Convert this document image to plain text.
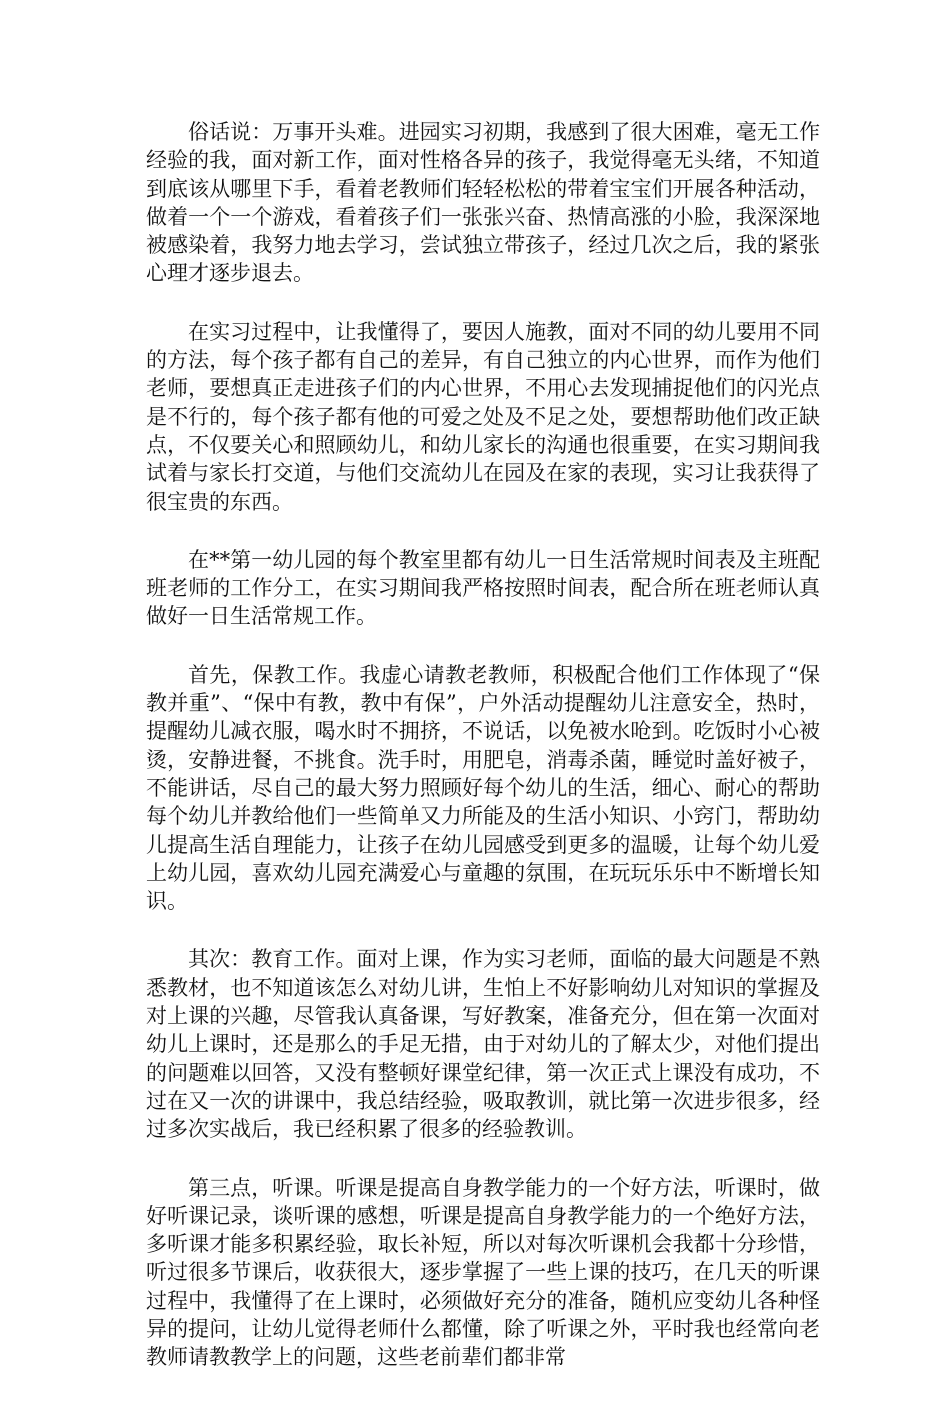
俗话说：万事开头难。进园实习初期，我感到了很大困难，毫无工作经验的我，面对新工作，面对性格各异的孩子，我觉得毫无头绪，不知道到底该从哪里下手，看着老教师们轻轻松松的带着宝宝们开展各种活动，做着一个一个游戏，看着孩子们一张张兴奋、热情高涨的小脸，我深深地被感染着，我努力地去学习，尝试独立带孩子，经过几次之后，我的紧张心理才逐步退去。

在实习过程中，让我懂得了，要因人施教，面对不同的幼儿要用不同的方法，每个孩子都有自己的差异，有自己独立的内心世界，而作为他们老师，要想真正走进孩子们的内心世界，不用心去发现捕捉他们的闪光点是不行的，每个孩子都有他的可爱之处及不足之处，要想帮助他们改正缺点，不仅要关心和照顾幼儿，和幼儿家长的沟通也很重要，在实习期间我试着与家长打交道，与他们交流幼儿在园及在家的表现，实习让我获得了很宝贵的东西。

在**第一幼儿园的每个教室里都有幼儿一日生活常规时间表及主班配班老师的工作分工，在实习期间我严格按照时间表，配合所在班老师认真做好一日生活常规工作。

首先，保教工作。我虚心请教老教师，积极配合他们工作体现了“保教并重”、“保中有教，教中有保”，户外活动提醒幼儿注意安全，热时，提醒幼儿减衣服，喝水时不拥挤，不说话，以免被水呛到。吃饭时小心被烫，安静进餐，不挑食。洗手时，用肥皂，消毒杀菌，睡觉时盖好被子，不能讲话，尽自己的最大努力照顾好每个幼儿的生活，细心、耐心的帮助每个幼儿并教给他们一些简单又力所能及的生活小知识、小窍门，帮助幼儿提高生活自理能力，让孩子在幼儿园感受到更多的温暖，让每个幼儿爱上幼儿园，喜欢幼儿园充满爱心与童趣的氛围，在玩玩乐乐中不断增长知识。

其次：教育工作。面对上课，作为实习老师，面临的最大问题是不熟悉教材，也不知道该怎么对幼儿讲，生怕上不好影响幼儿对知识的掌握及对上课的兴趣，尽管我认真备课，写好教案，准备充分，但在第一次面对幼儿上课时，还是那么的手足无措，由于对幼儿的了解太少，对他们提出的问题难以回答，又没有整顿好课堂纪律，第一次正式上课没有成功，不过在又一次的讲课中，我总结经验，吸取教训，就比第一次进步很多，经过多次实战后，我已经积累了很多的经验教训。

第三点，听课。听课是提高自身教学能力的一个好方法，听课时，做好听课记录，谈听课的感想，听课是提高自身教学能力的一个绝好方法，多听课才能多积累经验，取长补短，所以对每次听课机会我都十分珍惜，听过很多节课后，收获很大，逐步掌握了一些上课的技巧，在几天的听课过程中，我懂得了在上课时，必须做好充分的准备，随机应变幼儿各种怪异的提问，让幼儿觉得老师什么都懂，除了听课之外，平时我也经常向老教师请教教学上的问题，这些老前辈们都非常
